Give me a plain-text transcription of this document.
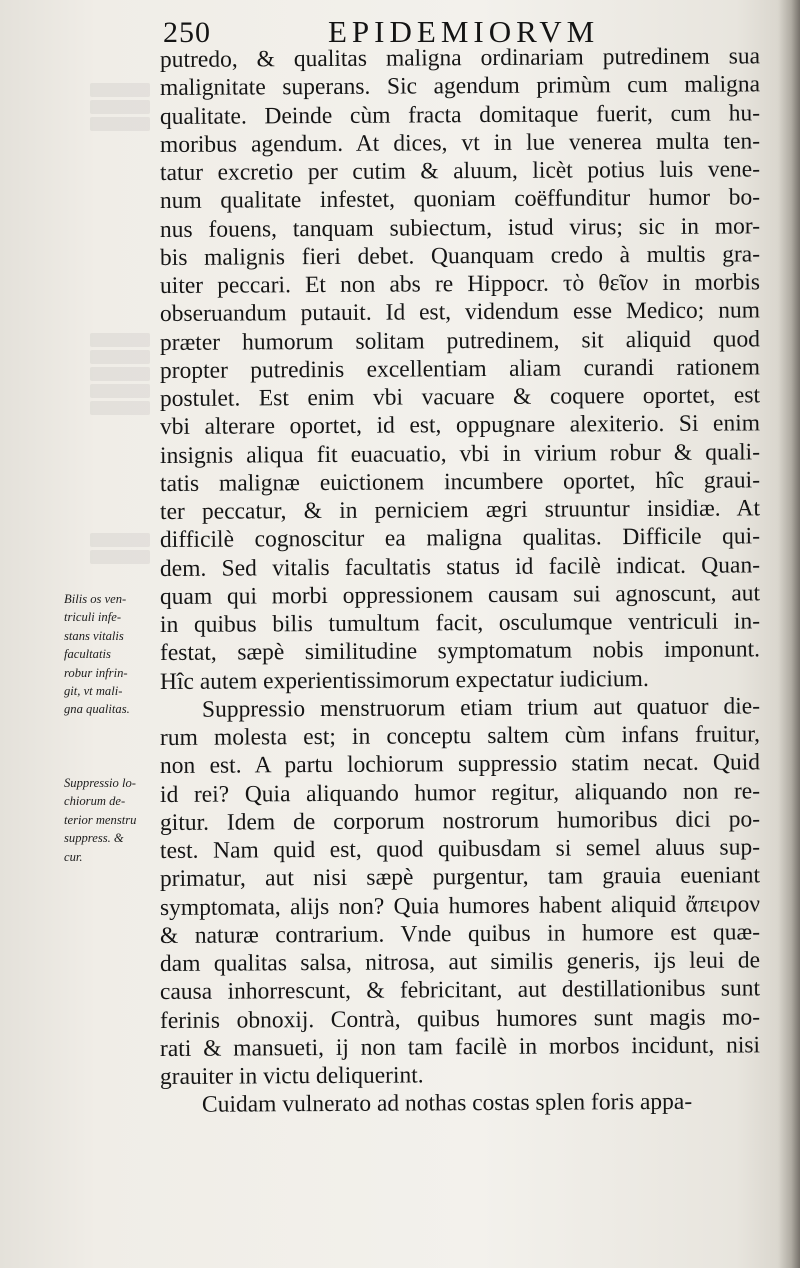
250	EPIDEMIORVM
putredo, & qualitas maligna ordinariam putredinem sua
malignitate superans. Sic agendum primùm cum maligna
qualitate. Deinde cùm fracta domitaque fuerit, cum hu-
moribus agendum. At dices, vt in lue venerea multa ten-
tatur excretio per cutim & aluum, licèt potius luis vene-
num qualitate infestet, quoniam coëffunditur humor bo-
nus fouens, tanquam subiectum, istud virus; sic in mor-
bis malignis fieri debet. Quanquam credo à multis gra-
uiter peccari. Et non abs re Hippocr. τὸ θεῖον in morbis
obseruandum putauit. Id est, videndum esse Medico; num
præter humorum solitam putredinem, sit aliquid quod
propter putredinis excellentiam aliam curandi rationem
postulet. Est enim vbi vacuare & coquere oportet, est
vbi alterare oportet, id est, oppugnare alexiterio. Si enim
insignis aliqua fit euacuatio, vbi in virium robur & quali-
tatis malignæ euictionem incumbere oportet, hîc graui-
ter peccatur, & in perniciem ægri struuntur insidiæ. At
difficilè cognoscitur ea maligna qualitas. Difficile qui-
dem. Sed vitalis facultatis status id facilè indicat. Quan-
quam qui morbi oppressionem causam sui agnoscunt, aut
in quibus bilis tumultum facit, osculumque ventriculi in-
festat, sæpè similitudine symptomatum nobis imponunt.
Hîc autem experientissimorum expectatur iudicium.
Suppressio menstruorum etiam trium aut quatuor die-
rum molesta est; in conceptu saltem cùm infans fruitur,
non est. A partu lochiorum suppressio statim necat. Quid
id rei? Quia aliquando humor regitur, aliquando non re-
gitur. Idem de corporum nostrorum humoribus dici po-
test. Nam quid est, quod quibusdam si semel aluus sup-
primatur, aut nisi sæpè purgentur, tam grauia eueniant
symptomata, alijs non? Quia humores habent aliquid ἄπειρον
& naturæ contrarium. Vnde quibus in humore est quæ-
dam qualitas salsa, nitrosa, aut similis generis, ijs leui de
causa inhorrescunt, & febricitant, aut destillationibus sunt
ferinis obnoxij. Contrà, quibus humores sunt magis mo-
rati & mansueti, ij non tam facilè in morbos incidunt, nisi
grauiter in victu deliquerint.
Cuidam vulnerato ad nothas costas splen foris appa-
Bilis os ven-
triculi infe-
stans vitalis
facultatis
robur infrin-
git, vt mali-
gna qualitas.
Suppressio lo-
chiorum de-
terior menstru
suppress. &
cur.
